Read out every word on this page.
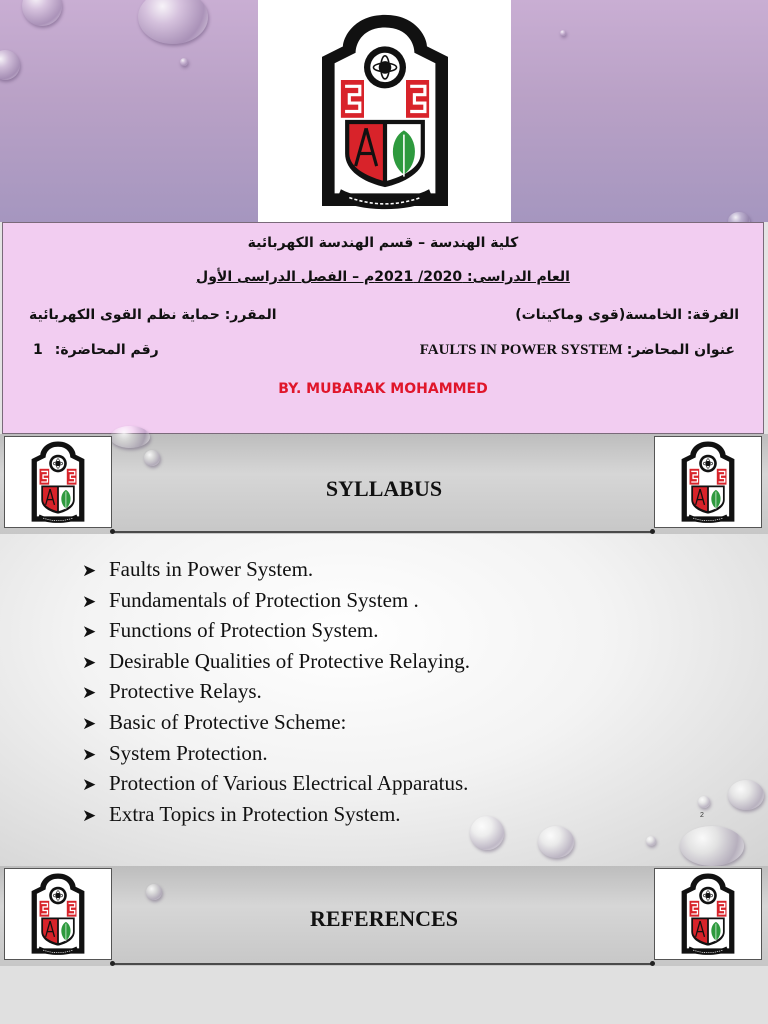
كلية الهندسة – قسم الهندسة الكهربائية
العام الدراسى: 2020/ 2021م – الفصل الدراسى الأول
الفرقة: الخامسة(قوى وماكينات)
المقرر: حماية نظم القوى الكهربائية
عنوان المحاضر: FAULTS IN POWER SYSTEM
رقم المحاضرة: 1
BY. MUBARAK MOHAMMED
SYLLABUS
➤ Faults in Power System.
➤ Fundamentals of Protection System .
➤ Functions of Protection System.
➤ Desirable Qualities of Protective Relaying.
➤ Protective Relays.
➤ Basic of Protective Scheme:
➤ System Protection.
➤ Protection of Various Electrical Apparatus.
➤ Extra Topics in Protection System.	2
REFERENCES
